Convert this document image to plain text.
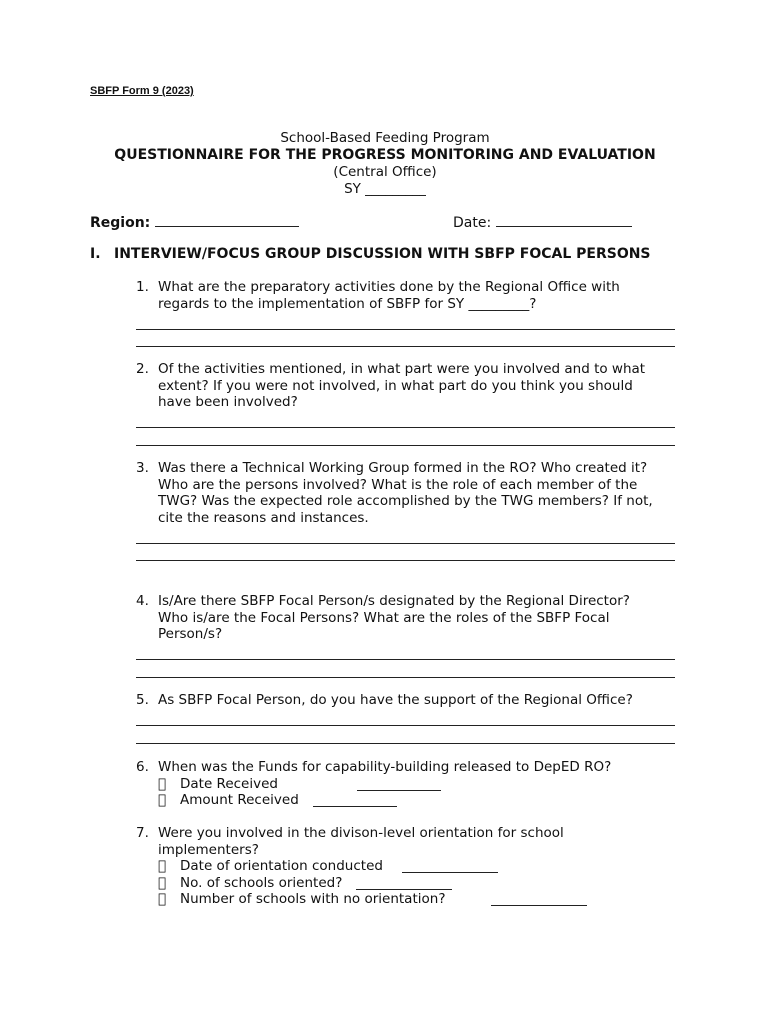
SBFP Form 9 (2023)
School-Based Feeding Program
QUESTIONNAIRE FOR THE PROGRESS MONITORING AND EVALUATION
(Central Office)
SY _________
Region:	Date:
I. INTERVIEW/FOCUS GROUP DISCUSSION WITH SBFP FOCAL PERSONS
1. What are the preparatory activities done by the Regional Office with
regards to the implementation of SBFP for SY _________?
2. Of the activities mentioned, in what part were you involved and to what
extent? If you were not involved, in what part do you think you should
have been involved?
3. Was there a Technical Working Group formed in the RO? Who created it?
Who are the persons involved? What is the role of each member of the
TWG? Was the expected role accomplished by the TWG members? If not,
cite the reasons and instances.
4. Is/Are there SBFP Focal Person/s designated by the Regional Director?
Who is/are the Focal Persons? What are the roles of the SBFP Focal
Person/s?
5. As SBFP Focal Person, do you have the support of the Regional Office?
6. When was the Funds for capability-building released to DepED RO?
Date Received
Amount Received
7. Were you involved in the divison-level orientation for school
implementers?
Date of orientation conducted
No. of schools oriented?
Number of schools with no orientation?
